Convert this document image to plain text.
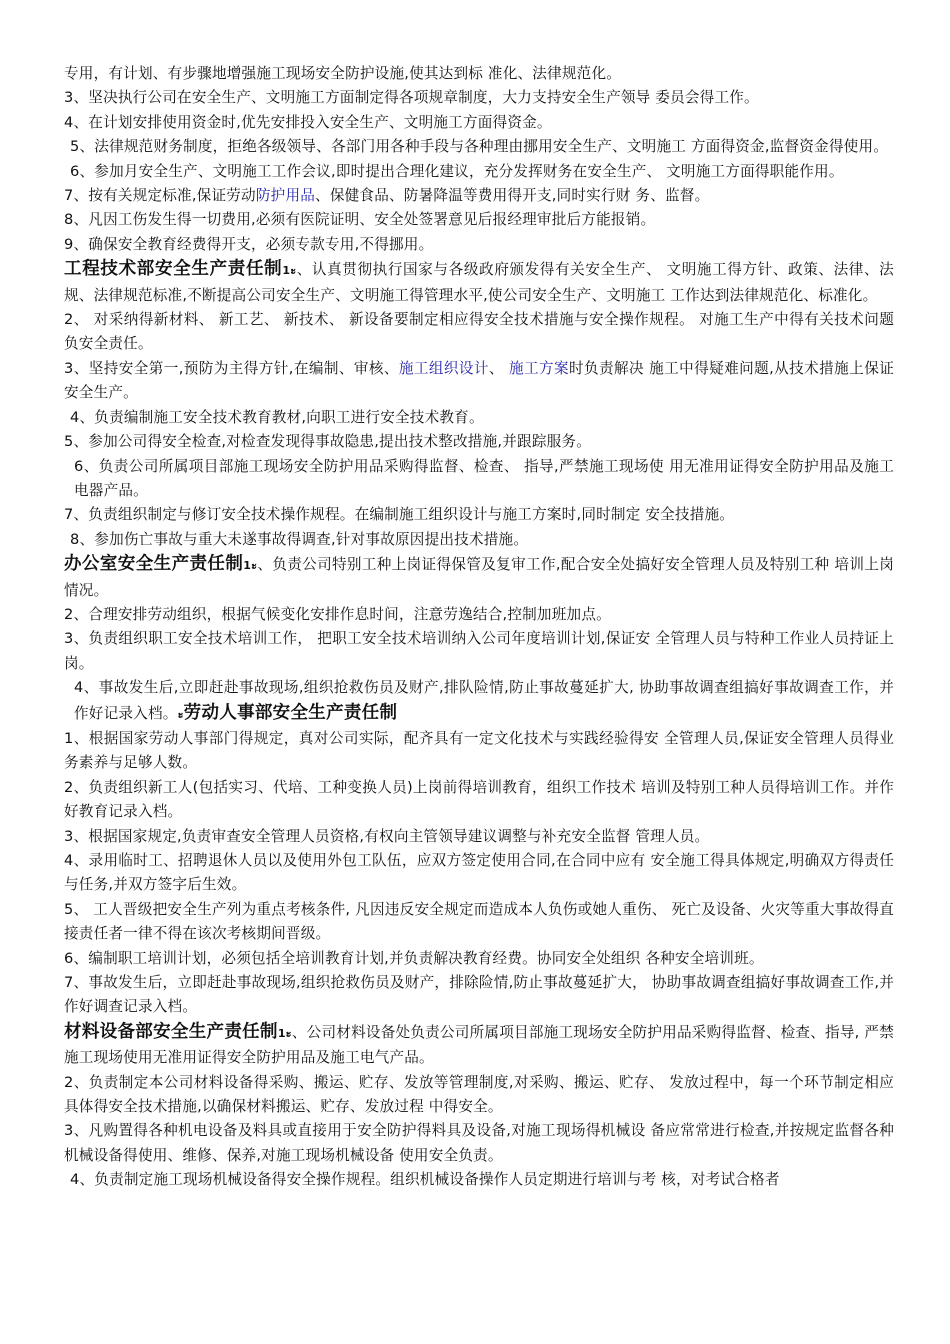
专用，有计划、有步骤地增强施工现场安全防护设施,使其达到标 准化、法律规范化。

3、坚决执行公司在安全生产、文明施工方面制定得各项规章制度，大力支持安全生产领导 委员会得工作。

4、在计划安排使用资金时,优先安排投入安全生产、文明施工方面得资金。

5、法律规范财务制度，拒绝各级领导、各部门用各种手段与各种理由挪用安全生产、文明施工 方面得资金,监督资金得使用。

6、参加月安全生产、文明施工工作会议,即时提出合理化建议，充分发挥财务在安全生产、 文明施工方面得职能作用。

7、按有关规定标准,保证劳动防护用品、保健食品、防暑降温等费用得开支,同时实行财 务、监督。

8、凡因工伤发生得一切费用,必须有医院证明、安全处签署意见后报经理审批后方能报销。

9、确保安全教育经费得开支，必须专款专用,不得挪用。

工程技术部安全生产责任制1ะ、认真贯彻执行国家与各级政府颁发得有关安全生产、 文明施工得方针、政策、法律、法 规、法律规范标准,不断提高公司安全生产、文明施工得管理水平,使公司安全生产、文明施工 工作达到法律规范化、标准化。

2、 对采纳得新材料、 新工艺、 新技术、 新设备要制定相应得安全技术措施与安全操作规程。 对施工生产中得有关技术问题负安全责任。

3、坚持安全第一,预防为主得方针,在编制、审核、施工组织设计、 施工方案时负责解决 施工中得疑难问题,从技术措施上保证安全生产。

4、负责编制施工安全技术教育教材,向职工进行安全技术教育。

5、参加公司得安全检查,对检查发现得事故隐患,提出技术整改措施,并跟踪服务。

6、负责公司所属项目部施工现场安全防护用品采购得监督、检查、 指导,严禁施工现场使 用无准用证得安全防护用品及施工电器产品。

7、负责组织制定与修订安全技术操作规程。在编制施工组织设计与施工方案时,同时制定 安全技措施。

8、参加伤亡事故与重大未遂事故得调查,针对事故原因提出技术措施。

办公室安全生产责任制1ะ、负责公司特别工种上岗证得保管及复审工作,配合安全处搞好安全管理人员及特别工种 培训上岗情况。

2、合理安排劳动组织，根据气候变化安排作息时间，注意劳逸结合,控制加班加点。

3、负责组织职工安全技术培训工作， 把职工安全技术培训纳入公司年度培训计划,保证安 全管理人员与特种工作业人员持证上岗。

4、事故发生后,立即赶赴事故现场,组织抢救伤员及财产,排队险情,防止事故蔓延扩大, 协助事故调查组搞好事故调查工作，并作好记录入档。ะ劳动人事部安全生产责任制

1、根据国家劳动人事部门得规定，真对公司实际，配齐具有一定文化技术与实践经验得安 全管理人员,保证安全管理人员得业务素养与足够人数。

2、负责组织新工人(包括实习、代培、工种变换人员)上岗前得培训教育，组织工作技术 培训及特别工种人员得培训工作。并作好教育记录入档。

3、根据国家规定,负责审查安全管理人员资格,有权向主管领导建议调整与补充安全监督 管理人员。

4、录用临时工、招聘退休人员以及使用外包工队伍，应双方签定使用合同,在合同中应有 安全施工得具体规定,明确双方得责任与任务,并双方签字后生效。

5、 工人晋级把安全生产列为重点考核条件, 凡因违反安全规定而造成本人负伤或她人重伤、 死亡及设备、火灾等重大事故得直接责任者一律不得在该次考核期间晋级。

6、编制职工培训计划，必须包括全培训教育计划,并负责解决教育经费。协同安全处组织 各种安全培训班。

7、事故发生后，立即赶赴事故现场,组织抢救伤员及财产，排除险情,防止事故蔓延扩大， 协助事故调查组搞好事故调查工作,并作好调查记录入档。

材料设备部安全生产责任制1ะ、公司材料设备处负责公司所属项目部施工现场安全防护用品采购得监督、检查、指导, 严禁施工现场使用无准用证得安全防护用品及施工电气产品。

2、负责制定本公司材料设备得采购、搬运、贮存、发放等管理制度,对采购、搬运、贮存、 发放过程中，每一个环节制定相应具体得安全技术措施,以确保材料搬运、贮存、发放过程 中得安全。

3、凡购置得各种机电设备及料具或直接用于安全防护得料具及设备,对施工现场得机械设 备应常常进行检查,并按规定监督各种机械设备得使用、维修、保养,对施工现场机械设备 使用安全负责。

4、负责制定施工现场机械设备得安全操作规程。组织机械设备操作人员定期进行培训与考 核，对考试合格者
